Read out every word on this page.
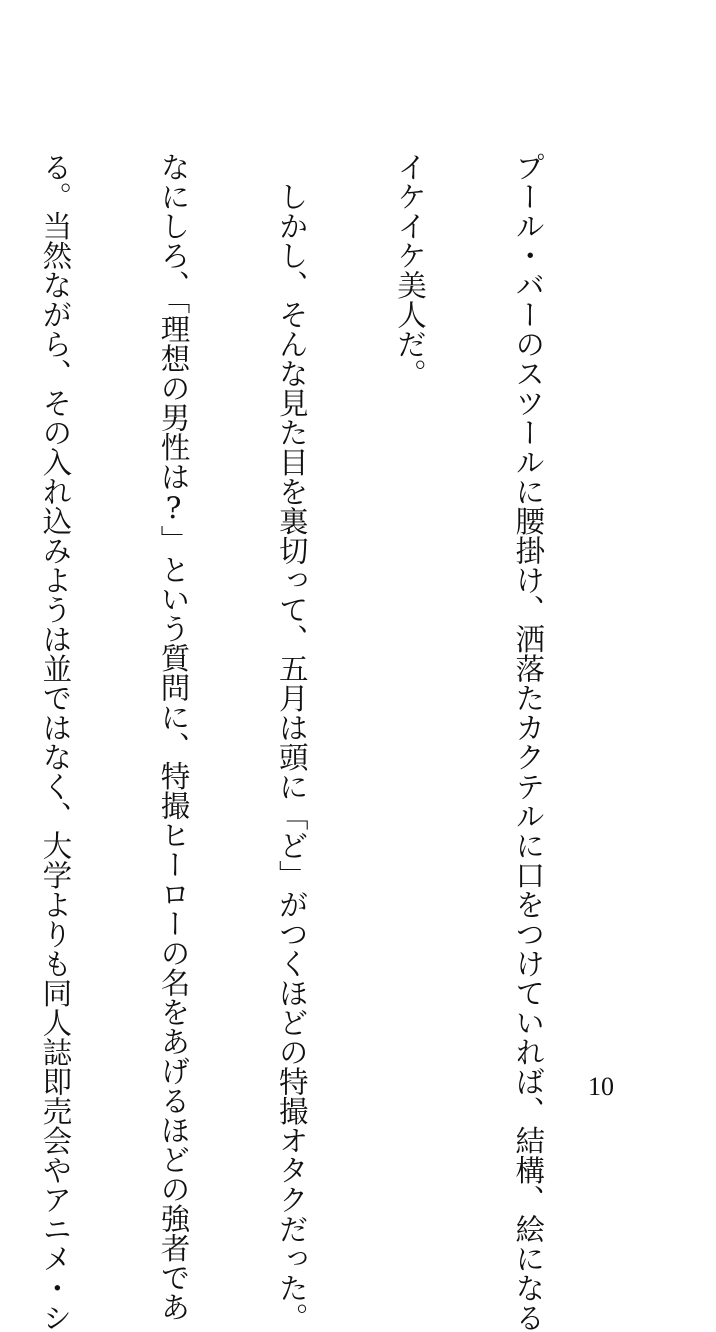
プール・バーのスツールに腰掛け、洒落たカクテルに口をつけていれば、結構、絵になる

イケイケ美人だ。

　しかし、そんな見た目を裏切って、五月は頭に「ど」がつくほどの特撮オタクだった。

なにしろ、「理想の男性は?」という質問に、特撮ヒーローの名をあげるほどの強者であ

る。当然ながら、その入れ込みようは並ではなく、大学よりも同人誌即売会やアニメ・シ

	10
